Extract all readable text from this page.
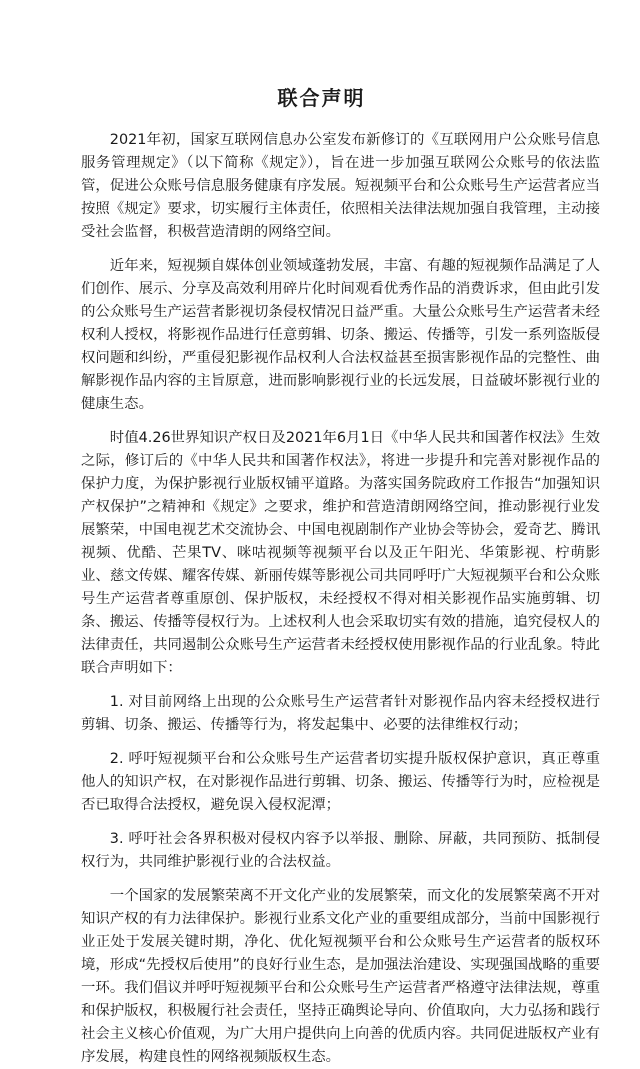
联合声明

2021年初，国家互联网信息办公室发布新修订的《互联网用户公众账号信息服务管理规定》（以下简称《规定》），旨在进一步加强互联网公众账号的依法监管，促进公众账号信息服务健康有序发展。短视频平台和公众账号生产运营者应当按照《规定》要求，切实履行主体责任，依照相关法律法规加强自我管理，主动接受社会监督，积极营造清朗的网络空间。

近年来，短视频自媒体创业领域蓬勃发展，丰富、有趣的短视频作品满足了人们创作、展示、分享及高效利用碎片化时间观看优秀作品的消费诉求，但由此引发的公众账号生产运营者影视切条侵权情况日益严重。大量公众账号生产运营者未经权利人授权，将影视作品进行任意剪辑、切条、搬运、传播等，引发一系列盗版侵权问题和纠纷，严重侵犯影视作品权利人合法权益甚至损害影视作品的完整性、曲解影视作品内容的主旨原意，进而影响影视行业的长远发展，日益破坏影视行业的健康生态。

时值4.26世界知识产权日及2021年6月1日《中华人民共和国著作权法》生效之际，修订后的《中华人民共和国著作权法》，将进一步提升和完善对影视作品的保护力度，为保护影视行业版权铺平道路。为落实国务院政府工作报告“加强知识产权保护”之精神和《规定》之要求，维护和营造清朗网络空间，推动影视行业发展繁荣，中国电视艺术交流协会、中国电视剧制作产业协会等协会，爱奇艺、腾讯视频、优酷、芒果TV、咪咕视频等视频平台以及正午阳光、华策影视、柠萌影业、慈文传媒、耀客传媒、新丽传媒等影视公司共同呼吁广大短视频平台和公众账号生产运营者尊重原创、保护版权，未经授权不得对相关影视作品实施剪辑、切条、搬运、传播等侵权行为。上述权利人也会采取切实有效的措施，追究侵权人的法律责任，共同遏制公众账号生产运营者未经授权使用影视作品的行业乱象。特此联合声明如下：

1. 对目前网络上出现的公众账号生产运营者针对影视作品内容未经授权进行剪辑、切条、搬运、传播等行为，将发起集中、必要的法律维权行动；

2. 呼吁短视频平台和公众账号生产运营者切实提升版权保护意识，真正尊重他人的知识产权，在对影视作品进行剪辑、切条、搬运、传播等行为时，应检视是否已取得合法授权，避免误入侵权泥潭；

3. 呼吁社会各界积极对侵权内容予以举报、删除、屏蔽，共同预防、抵制侵权行为，共同维护影视行业的合法权益。

一个国家的发展繁荣离不开文化产业的发展繁荣，而文化的发展繁荣离不开对知识产权的有力法律保护。影视行业系文化产业的重要组成部分，当前中国影视行业正处于发展关键时期，净化、优化短视频平台和公众账号生产运营者的版权环境，形成“先授权后使用”的良好行业生态，是加强法治建设、实现强国战略的重要一环。我们倡议并呼吁短视频平台和公众账号生产运营者严格遵守法律法规，尊重和保护版权，积极履行社会责任，坚持正确舆论导向、价值取向，大力弘扬和践行社会主义核心价值观，为广大用户提供向上向善的优质内容。共同促进版权产业有序发展，构建良性的网络视频版权生态。
